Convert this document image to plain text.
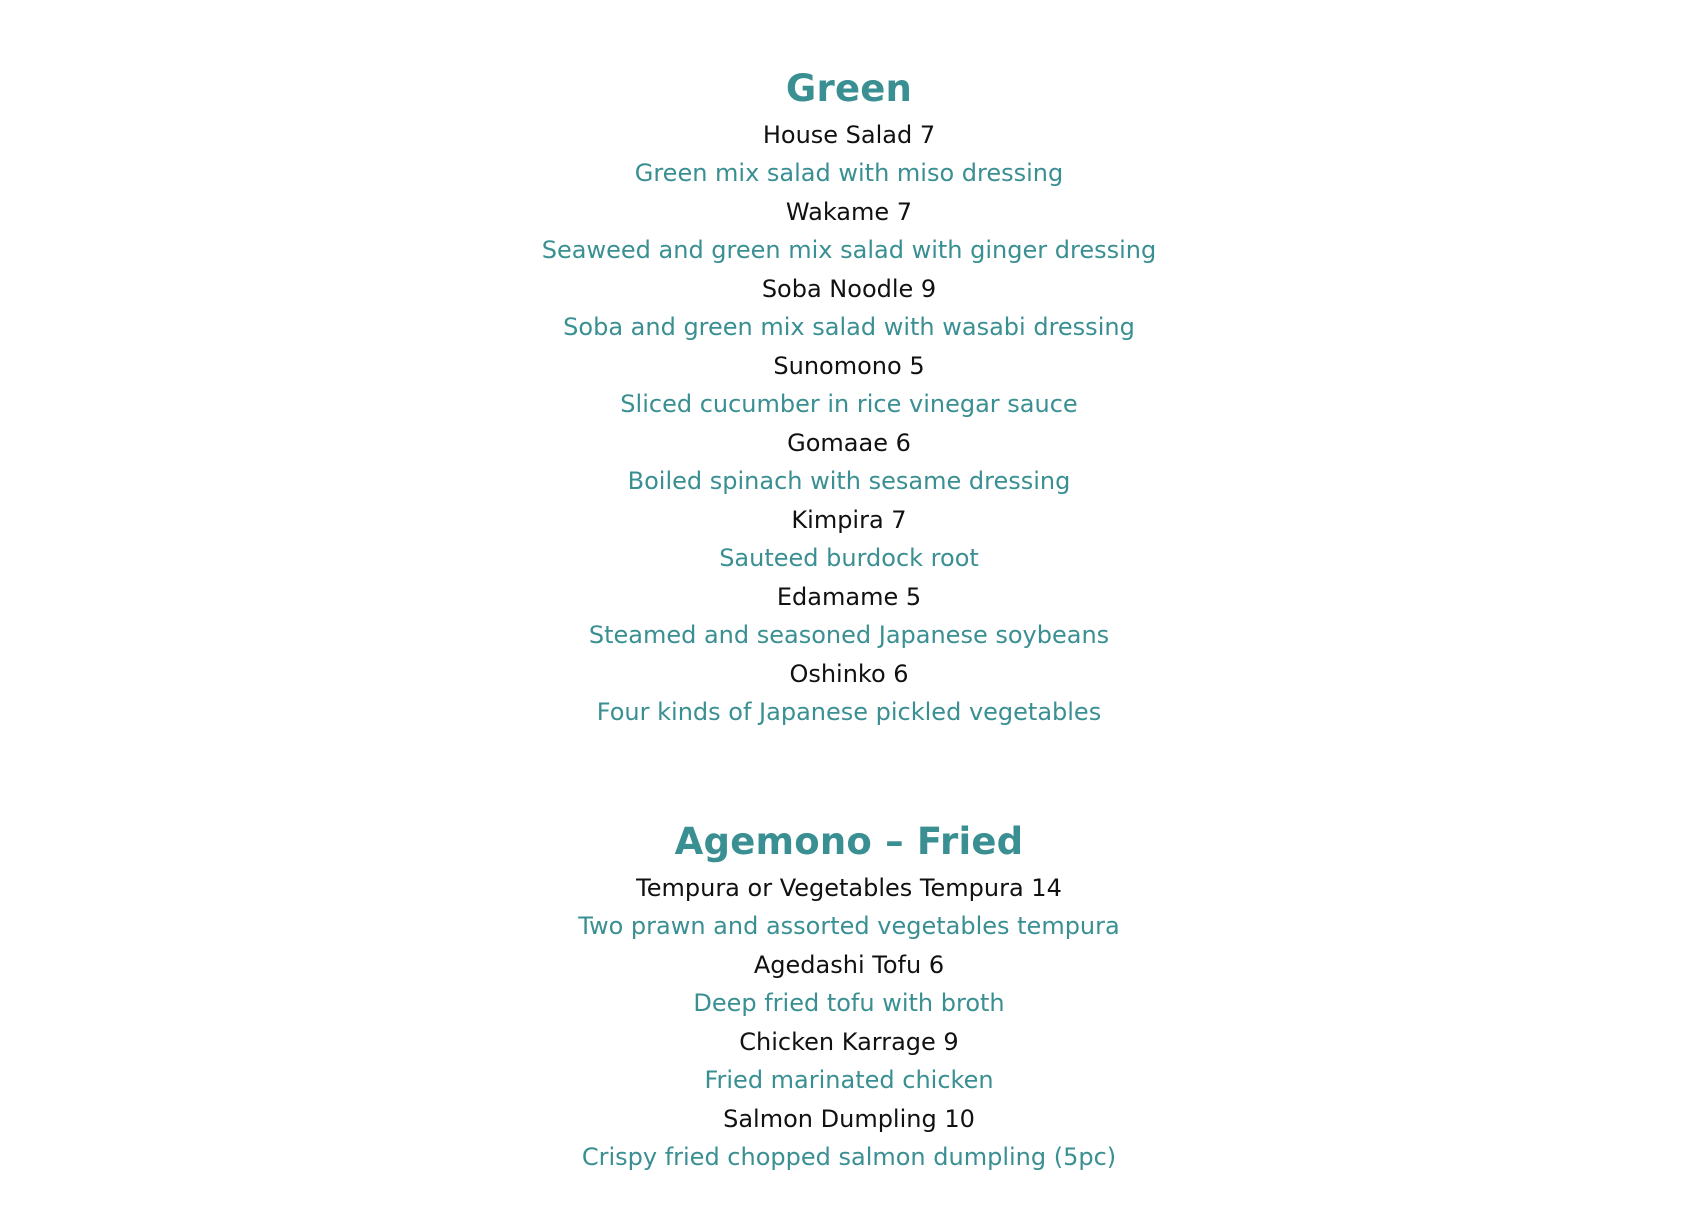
Green
House Salad 7
Green mix salad with miso dressing
Wakame 7
Seaweed and green mix salad with ginger dressing
Soba Noodle 9
Soba and green mix salad with wasabi dressing
Sunomono 5
Sliced cucumber in rice vinegar sauce
Gomaae 6
Boiled spinach with sesame dressing
Kimpira 7
Sauteed burdock root
Edamame 5
Steamed and seasoned Japanese soybeans
Oshinko 6
Four kinds of Japanese pickled vegetables
Agemono – Fried
Tempura or Vegetables Tempura 14
Two prawn and assorted vegetables tempura
Agedashi Tofu 6
Deep fried tofu with broth
Chicken Karrage 9
Fried marinated chicken
Salmon Dumpling 10
Crispy fried chopped salmon dumpling (5pc)
